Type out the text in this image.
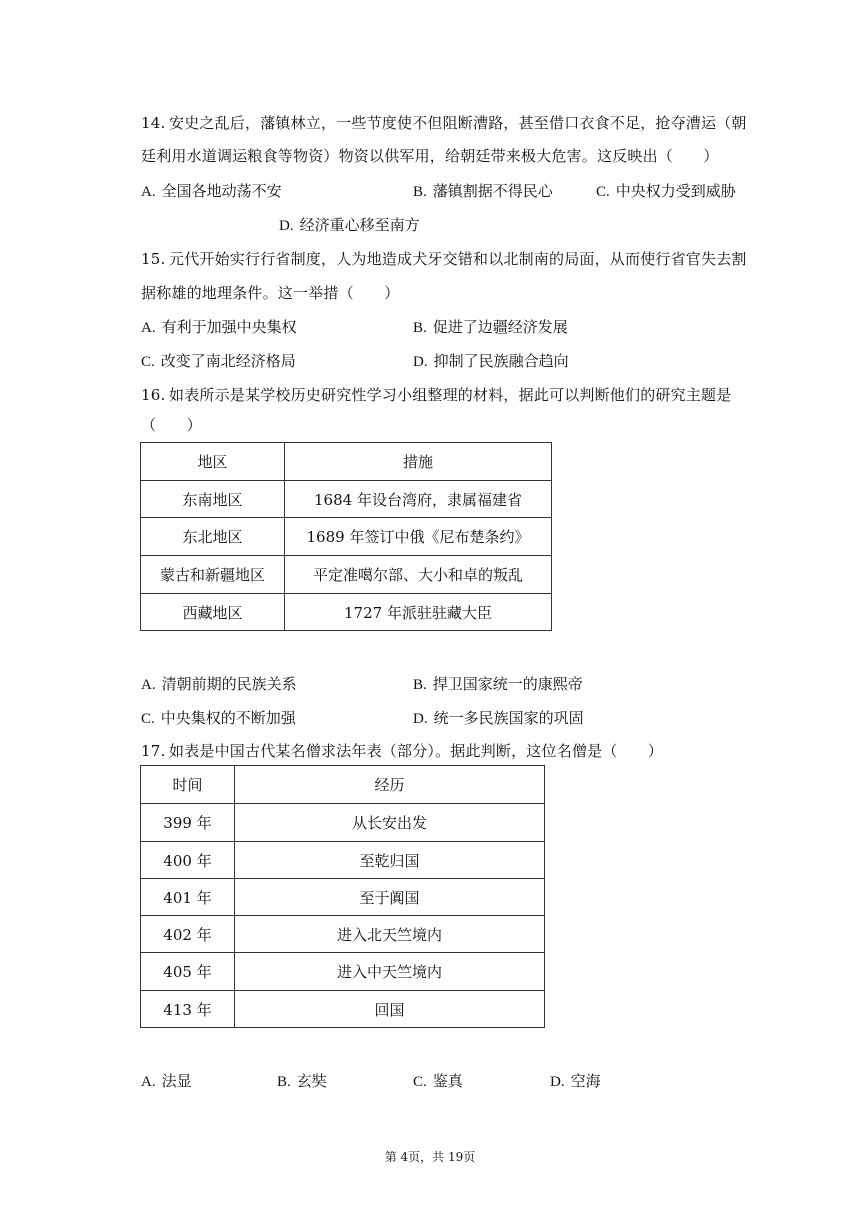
14. 安史之乱后，藩镇林立，一些节度使不但阻断漕路，甚至借口衣食不足，抢夺漕运（朝
廷利用水道调运粮食等物资）物资以供军用，给朝廷带来极大危害。这反映出（　　）
A. 全国各地动荡不安	B. 藩镇割据不得民心	C. 中央权力受到威胁
D. 经济重心移至南方
15. 元代开始实行行省制度，人为地造成犬牙交错和以北制南的局面，从而使行省官失去割
据称雄的地理条件。这一举措（　　）
A. 有利于加强中央集权	B. 促进了边疆经济发展
C. 改变了南北经济格局	D. 抑制了民族融合趋向
16. 如表所示是某学校历史研究性学习小组整理的材料，据此可以判断他们的研究主题是
（　　）
地区	措施
东南地区	1684 年设台湾府，隶属福建省
东北地区	1689 年签订中俄《尼布楚条约》
蒙古和新疆地区	平定准噶尔部、大小和卓的叛乱
西藏地区	1727 年派驻驻藏大臣
A. 清朝前期的民族关系	B. 捍卫国家统一的康熙帝
C. 中央集权的不断加强	D. 统一多民族国家的巩固
17. 如表是中国古代某名僧求法年表（部分）。据此判断，这位名僧是（　　）
时间	经历
399 年	从长安出发
400 年	至乾归国
401 年	至于阗国
402 年	进入北天竺境内
405 年	进入中天竺境内
413 年	回国
A. 法显	B. 玄奘	C. 鉴真	D. 空海
第 4页，共 19页
